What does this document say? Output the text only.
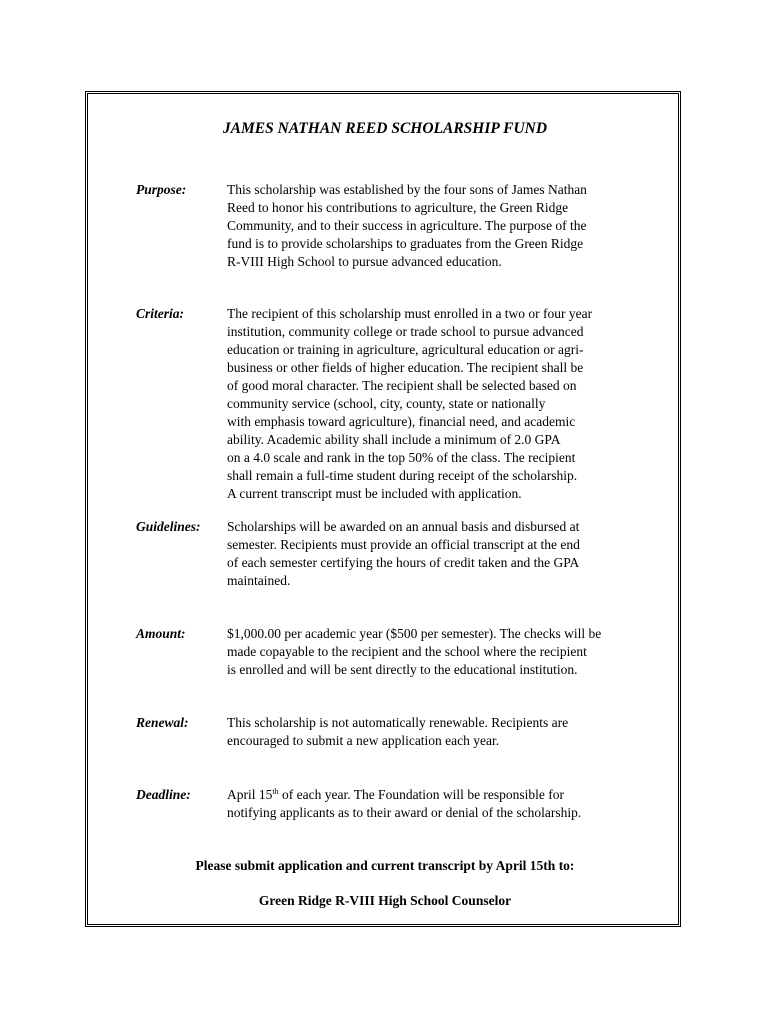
JAMES NATHAN REED SCHOLARSHIP FUND
Purpose:	This scholarship was established by the four sons of James Nathan
Reed to honor his contributions to agriculture, the Green Ridge
Community, and to their success in agriculture. The purpose of the
fund is to provide scholarships to graduates from the Green Ridge
R-VIII High School to pursue advanced education.
Criteria:	The recipient of this scholarship must enrolled in a two or four year
institution, community college or trade school to pursue advanced
education or training in agriculture, agricultural education or agri-
business or other fields of higher education. The recipient shall be
of good moral character. The recipient shall be selected based on
community service (school, city, county, state or nationally
with emphasis toward agriculture), financial need, and academic
ability. Academic ability shall include a minimum of 2.0 GPA
on a 4.0 scale and rank in the top 50% of the class. The recipient
shall remain a full-time student during receipt of the scholarship.
A current transcript must be included with application.
Guidelines: Scholarships will be awarded on an annual basis and disbursed at
semester. Recipients must provide an official transcript at the end
of each semester certifying the hours of credit taken and the GPA
maintained.
Amount:	$1,000.00 per academic year ($500 per semester). The checks will be
made copayable to the recipient and the school where the recipient
is enrolled and will be sent directly to the educational institution.
Renewal:	This scholarship is not automatically renewable. Recipients are
encouraged to submit a new application each year.
Deadline:	April 15th of each year. The Foundation will be responsible for
notifying applicants as to their award or denial of the scholarship.
Please submit application and current transcript by April 15th to:
Green Ridge R-VIII High School Counselor
